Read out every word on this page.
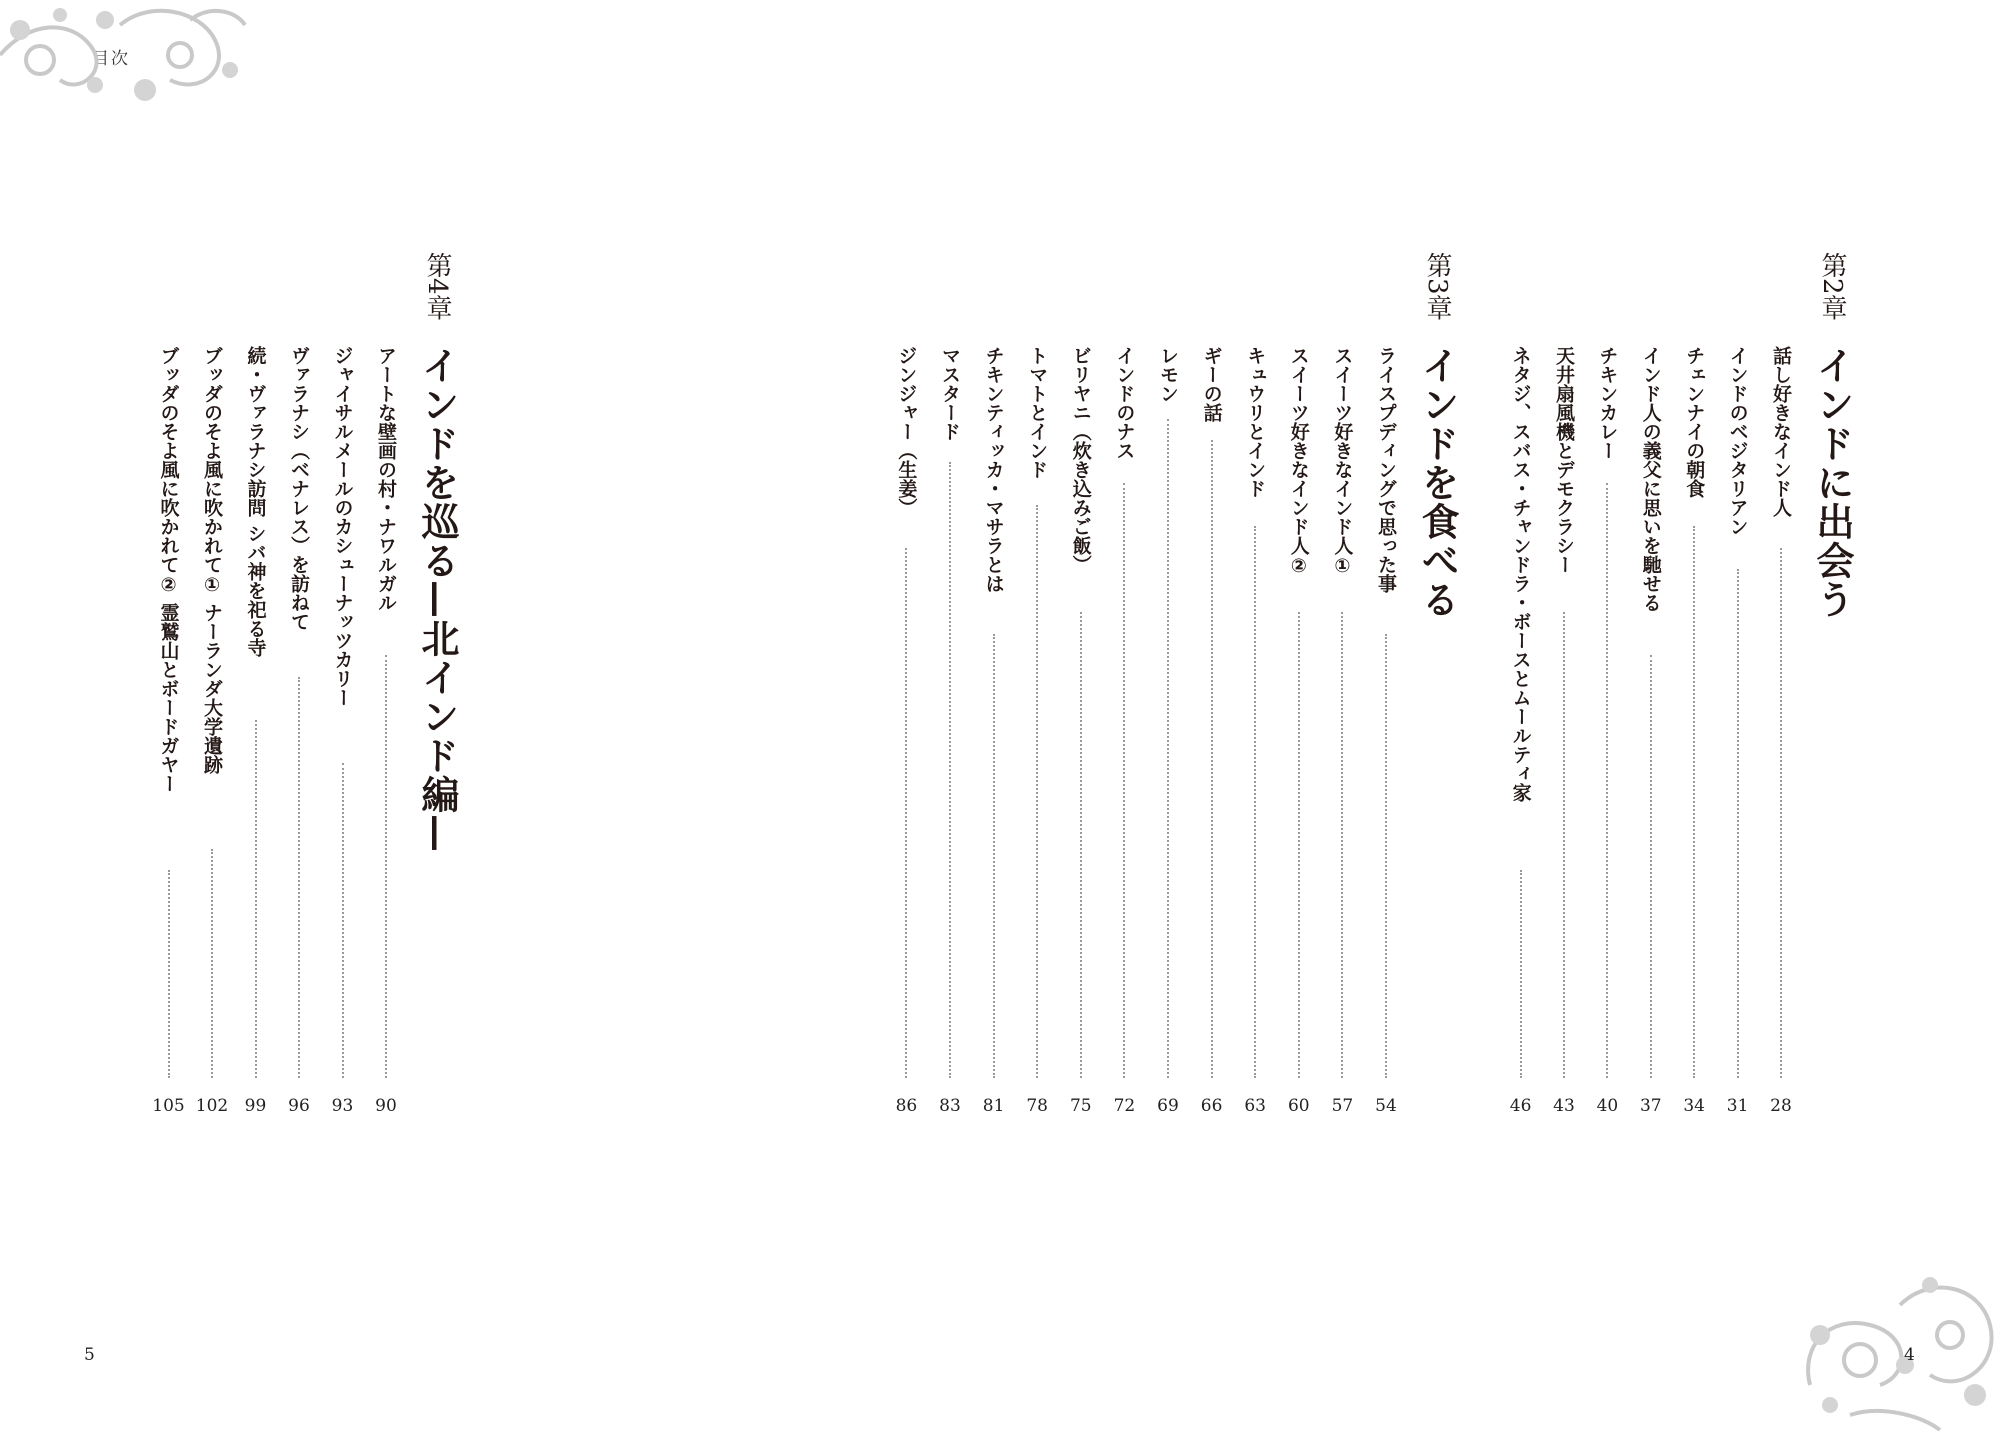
目次
第2章
インドに出会う
話し好きなインド人
28
インドのベジタリアン
31
チェンナイの朝食
34
インド人の義父に思いを馳せる
37
チキンカレー
40
天井扇風機とデモクラシー
43
ネタジ、スバス・チャンドラ・ボースとムールティ家
46
第3章
インドを食べる
ライスプディングで思った事
54
スイーツ好きなインド人①
57
スイーツ好きなインド人②
60
キュウリとインド
63
ギーの話
66
レモン
69
インドのナス
72
ビリヤニ（炊き込みご飯）
75
トマトとインド
78
チキンティッカ・マサラとは
81
マスタード
83
ジンジャー（生姜）
86
第4章
インドを巡る—北インド編—
アートな壁画の村・ナワルガル
90
ジャイサルメールのカシューナッツカリー
93
ヴァラナシ（ベナレス）を訪ねて
96
続・ヴァラナシ訪問 シバ神を祀る寺
99
ブッダのそよ風に吹かれて① ナーランダ大学遺跡
102
ブッダのそよ風に吹かれて② 霊鷲山とボードガヤー
105
5	4
